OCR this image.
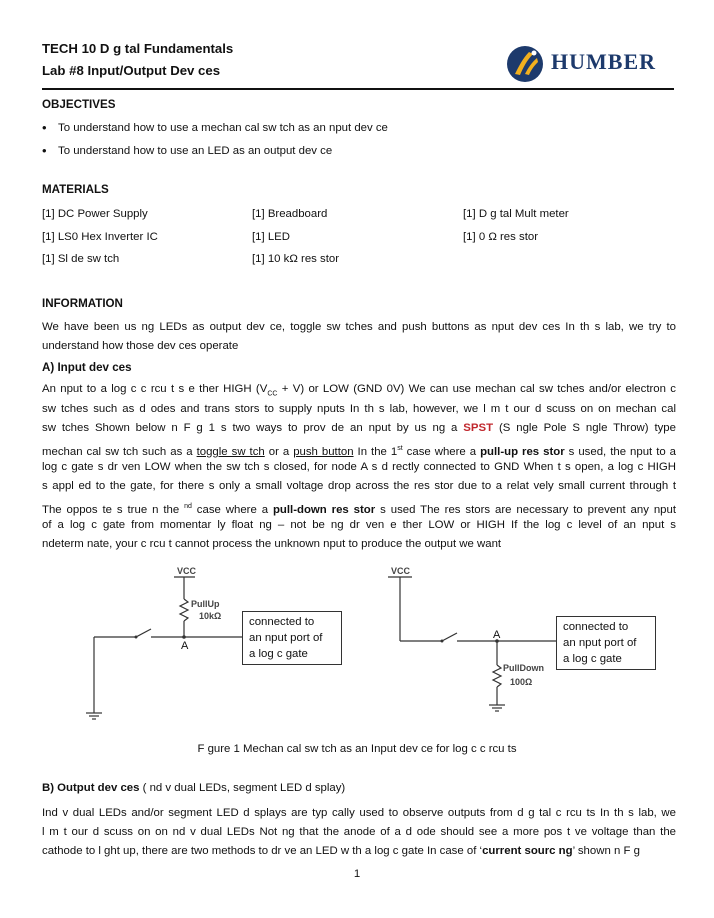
TECH 10 D g tal Fundamentals
Lab #8 Input/Output Dev ces	HUMBER
OBJECTIVES
• To understand how to use a mechan cal sw tch as an nput dev ce
• To understand how to use an LED as an output dev ce
MATERIALS
[1] DC Power Supply
[1] LS0 Hex Inverter IC
[1] Sl de sw tch
[1] Breadboard
[1] LED
[1] 10 kΩ res stor
[1] D g tal Mult meter
[1] 0 Ω res stor
INFORMATION
We have been us ng LEDs as output dev ce, toggle sw tches and push buttons as nput dev ces In th s lab, we try to
understand how those dev ces operate
A) Input dev ces
An nput to a log c c rcu t s e ther HIGH $(V_{CC} + V)$ or LOW (GND 0V) We can use mechan cal sw tches and/or electron c
sw tches such as d odes and trans stors to supply nputs In th s lab, however, we l m t our d scuss on on mechan cal
sw tches Shown below n F g 1 s two ways to prov de an nput by us ng a SPST (S ngle Pole S ngle Throw) type
mechan cal sw tch such as a toggle sw tch or a push button In the 1st case where a pull-up res stor s used, the nput to a
log c gate s dr ven LOW when the sw tch s closed, for node A s d rectly connected to GND When t s open, a log c HIGH
s appl ed to the gate, for there s only a small voltage drop across the res stor due to a relat vely small current through t
The oppos te s true n the $^{nd}$ case where a pull-down res stor s used The res stors are necessary to prevent any nput
of a log c gate from momentar ly float ng – not be ng dr ven e ther LOW or HIGH If the log c level of an nput s
ndeterm nate, your c rcu t cannot process the unknown nput to produce the output we want
VCC
PullUp
10kΩ
VCC
PullDown
100Ω
A
A
connected to
an nput port of
a log c gate
connected to
an nput port of
a log c gate
F gure 1 Mechan cal sw tch as an Input dev ce for log c c rcu ts
B) Output dev ces ( nd v dual LEDs, segment LED d splay)
Ind v dual LEDs and/or segment LED d splays are typ cally used to observe outputs from d g tal c rcu ts In th s lab, we
l m t our d scuss on on nd v dual LEDs Not ng that the anode of a d ode should see a more pos t ve voltage than the
cathode to l ght up, there are two methods to dr ve an LED w th a log c gate In case of ‘current sourc ng’ shown n F g
1
